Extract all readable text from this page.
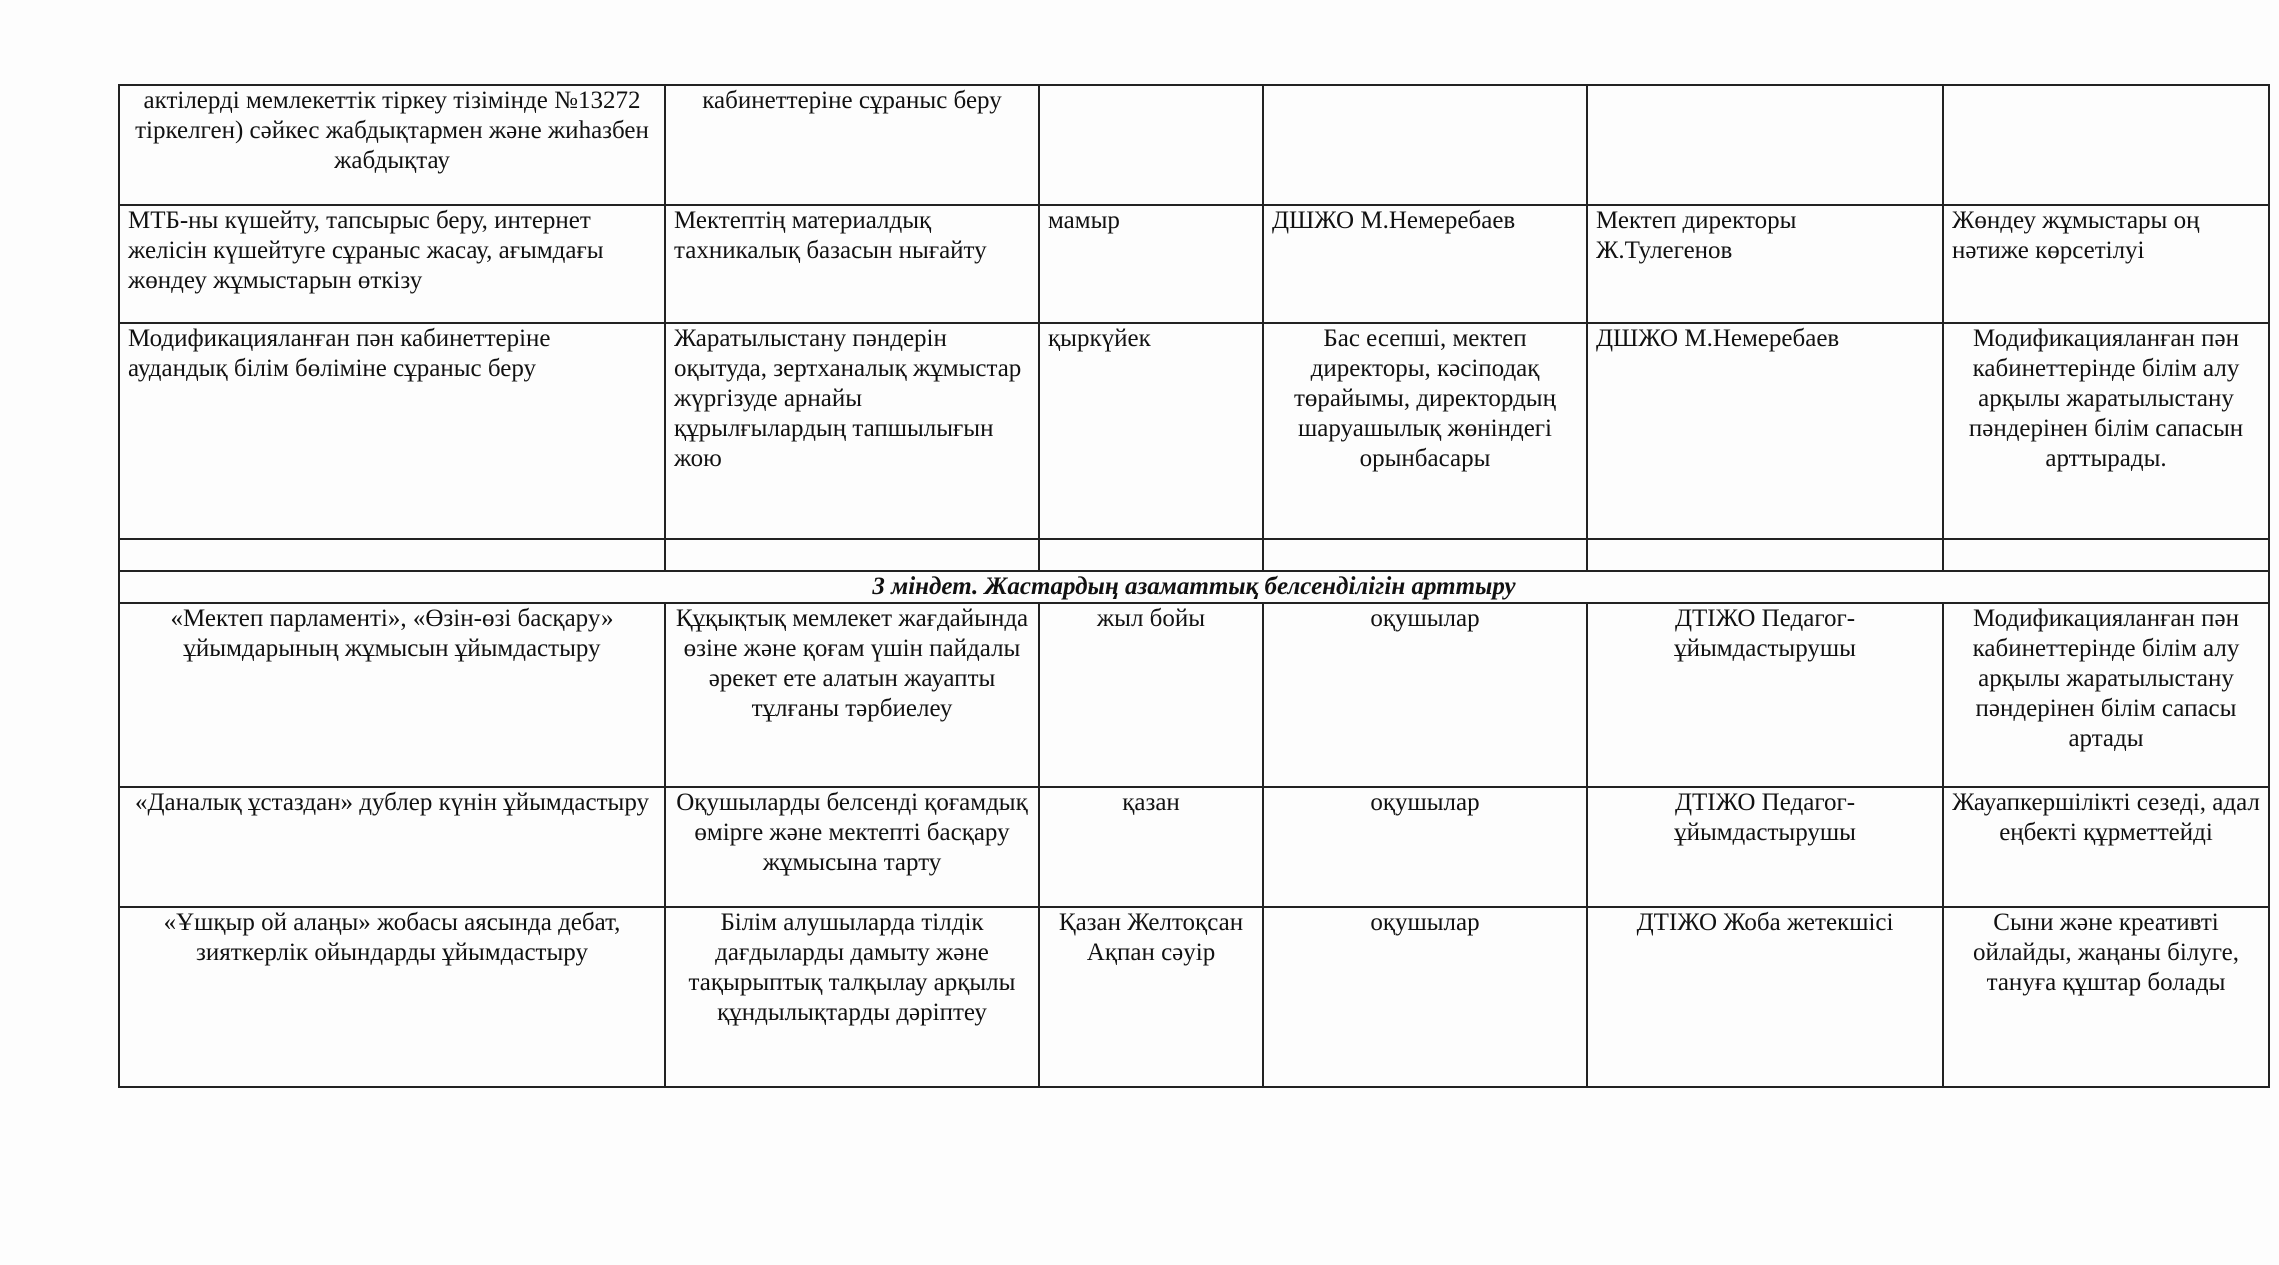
актілерді мемлекеттік тіркеу тізімінде №13272 тіркелген) сәйкес жабдықтармен және жиһазбен жабдықтау	кабинеттеріне сұраныс беру				
МТБ-ны күшейту, тапсырыс беру, интернет желісін күшейтуге сұраныс жасау, ағымдағы жөндеу жұмыстарын өткізу	Мектептің материалдық тахникалық базасын нығайту	мамыр	ДШЖО М.Немеребаев	Мектеп директоры Ж.Тулегенов	Жөндеу жұмыстары оң нәтиже көрсетілуі
Модификацияланған пән кабинеттеріне аудандық білім бөліміне сұраныс беру	Жаратылыстану пәндерін оқытуда, зертханалық жұмыстар жүргізуде арнайы құрылғылардың тапшылығын жою	қыркүйек	Бас есепші, мектеп директоры, кәсіподақ төрайымы, директордың шаруашылық жөніндегі орынбасары	ДШЖО М.Немеребаев	Модификацияланған пән кабинеттерінде білім алу арқылы жаратылыстану пәндерінен білім сапасын арттырады.

3 міндет. Жастардың азаматтық белсенділігін арттыру					
«Мектеп парламенті», «Өзін-өзі басқару» ұйымдарының жұмысын ұйымдастыру	Құқықтық мемлекет жағдайында өзіне және қоғам үшін пайдалы әрекет ете алатын жауапты тұлғаны тәрбиелеу	жыл бойы	оқушылар	ДТІЖО Педагог-ұйымдастырушы	Модификацияланған пән кабинеттерінде білім алу арқылы жаратылыстану пәндерінен білім сапасы артады
«Даналық ұстаздан» дублер күнін ұйымдастыру	Оқушыларды белсенді қоғамдық өмірге және мектепті басқару жұмысына тарту	қазан	оқушылар	ДТІЖО Педагог-ұйымдастырушы	Жауапкершілікті сезеді, адал еңбекті құрметтейді
«Ұшқыр ой алаңы» жобасы аясында дебат, зияткерлік ойындарды ұйымдастыру	Білім алушыларда тілдік дағдыларды дамыту және тақырыптық талқылау арқылы құндылықтарды дәріптеу	Қазан Желтоқсан Ақпан сәуір	оқушылар	ДТІЖО Жоба жетекшісі	Сыни және креативті ойлайды, жаңаны білуге, тануға құштар болады
